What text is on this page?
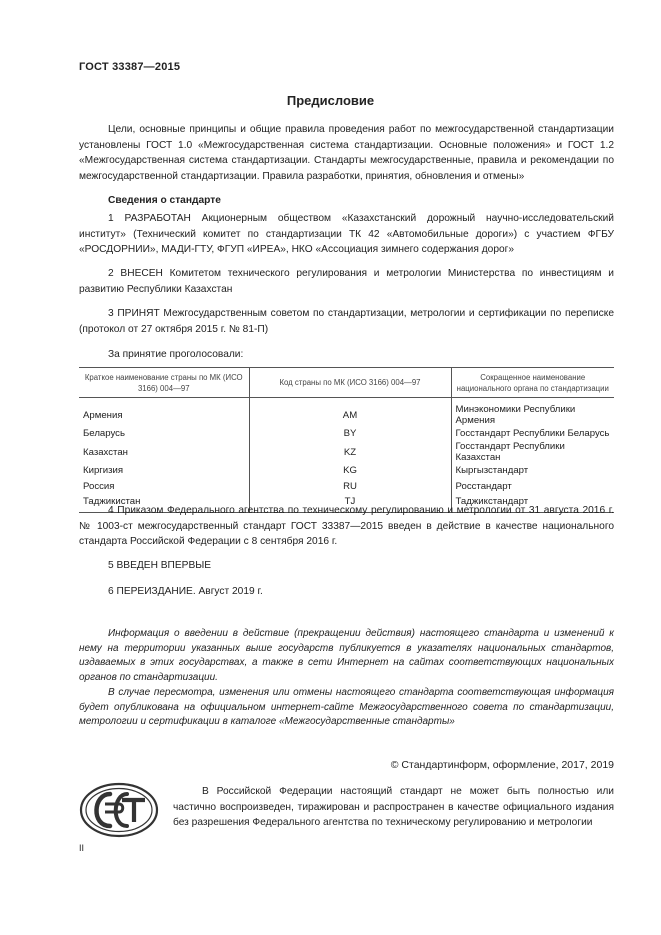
ГОСТ 33387—2015
Предисловие
Цели, основные принципы и общие правила проведения работ по межгосударственной стандартизации установлены ГОСТ 1.0 «Межгосударственная система стандартизации. Основные положения» и ГОСТ 1.2 «Межгосударственная система стандартизации. Стандарты межгосударственные, правила и рекомендации по межгосударственной стандартизации. Правила разработки, принятия, обновления и отмены»
Сведения о стандарте
1 РАЗРАБОТАН Акционерным обществом «Казахстанский дорожный научно-исследовательский институт» (Технический комитет по стандартизации ТК 42 «Автомобильные дороги») с участием ФГБУ «РОСДОРНИИ», МАДИ-ГТУ, ФГУП «ИРЕА», НКО «Ассоциация зимнего содержания дорог»
2 ВНЕСЕН Комитетом технического регулирования и метрологии Министерства по инвестициям и развитию Республики Казахстан
3 ПРИНЯТ Межгосударственным советом по стандартизации, метрологии и сертификации по переписке (протокол от 27 октября 2015 г. № 81-П)
За принятие проголосовали:
Краткое наименование страны по МК (ИСО 3166) 004—97	Код страны по МК (ИСО 3166) 004—97	Сокращенное наименование национального органа по стандартизации
Армения	AM	Минэкономики Республики Армения
Беларусь	BY	Госстандарт Республики Беларусь
Казахстан	KZ	Госстандарт Республики Казахстан
Киргизия	KG	Кыргызстандарт
Россия	RU	Росстандарт
Таджикистан	TJ	Таджикстандарт
4 Приказом Федерального агентства по техническому регулированию и метрологии от 31 августа 2016 г. № 1003-ст межгосударственный стандарт ГОСТ 33387—2015 введен в действие в качестве национального стандарта Российской Федерации с 8 сентября 2016 г.
5 ВВЕДЕН ВПЕРВЫЕ
6 ПЕРЕИЗДАНИЕ. Август 2019 г.
Информация о введении в действие (прекращении действия) настоящего стандарта и изменений к нему на территории указанных выше государств публикуется в указателях национальных стандартов, издаваемых в этих государствах, а также в сети Интернет на сайтах соответствующих национальных органов по стандартизации.
В случае пересмотра, изменения или отмены настоящего стандарта соответствующая информация будет опубликована на официальном интернет-сайте Межгосударственного совета по стандартизации, метрологии и сертификации в каталоге «Межгосударственные стандарты»
© Стандартинформ, оформление, 2017, 2019
В Российской Федерации настоящий стандарт не может быть полностью или частично воспроизведен, тиражирован и распространен в качестве официального издания без разрешения Федерального агентства по техническому регулированию и метрологии
II
